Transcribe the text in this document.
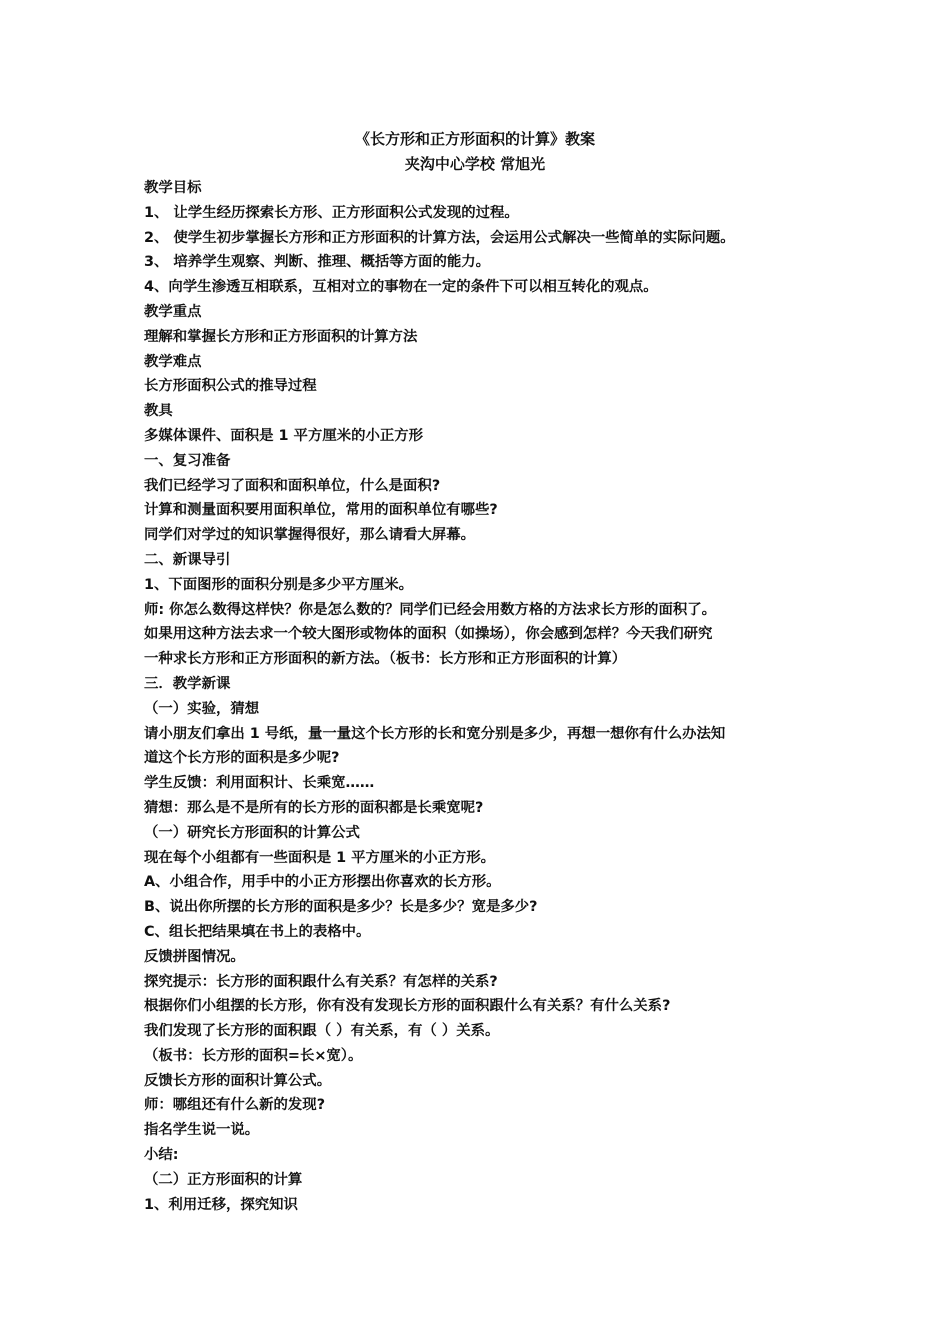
《长方形和正方形面积的计算》教案
夹沟中心学校 常旭光
教学目标
1、 让学生经历探索长方形、正方形面积公式发现的过程。
2、 使学生初步掌握长方形和正方形面积的计算方法，会运用公式解决一些简单的实际问题。
3、 培养学生观察、判断、推理、概括等方面的能力。
4、向学生渗透互相联系，互相对立的事物在一定的条件下可以相互转化的观点。
教学重点
理解和掌握长方形和正方形面积的计算方法
教学难点
长方形面积公式的推导过程
教具
多媒体课件、面积是 1 平方厘米的小正方形
一、复习准备
我们已经学习了面积和面积单位，什么是面积?
计算和测量面积要用面积单位，常用的面积单位有哪些?
同学们对学过的知识掌握得很好，那么请看大屏幕。
二、新课导引
1、下面图形的面积分别是多少平方厘米。
师: 你怎么数得这样快？你是怎么数的？同学们已经会用数方格的方法求长方形的面积了。
如果用这种方法去求一个较大图形或物体的面积（如操场），你会感到怎样？今天我们研究
一种求长方形和正方形面积的新方法。（板书：长方形和正方形面积的计算）
三．教学新课
（一）实验，猜想
请小朋友们拿出 1 号纸，量一量这个长方形的长和宽分别是多少，再想一想你有什么办法知
道这个长方形的面积是多少呢?
学生反馈：利用面积计、长乘宽……
猜想：那么是不是所有的长方形的面积都是长乘宽呢?
（一）研究长方形面积的计算公式
现在每个小组都有一些面积是 1 平方厘米的小正方形。
A、小组合作，用手中的小正方形摆出你喜欢的长方形。
B、说出你所摆的长方形的面积是多少？长是多少？宽是多少?
C、组长把结果填在书上的表格中。
反馈拼图情况。
探究提示：长方形的面积跟什么有关系？有怎样的关系?
根据你们小组摆的长方形，你有没有发现长方形的面积跟什么有关系？有什么关系?
我们发现了长方形的面积跟（ ）有关系，有（ ）关系。
（板书：长方形的面积=长×宽）。
反馈长方形的面积计算公式。
师：哪组还有什么新的发现?
指名学生说一说。
小结:
（二）正方形面积的计算
1、利用迁移，探究知识
